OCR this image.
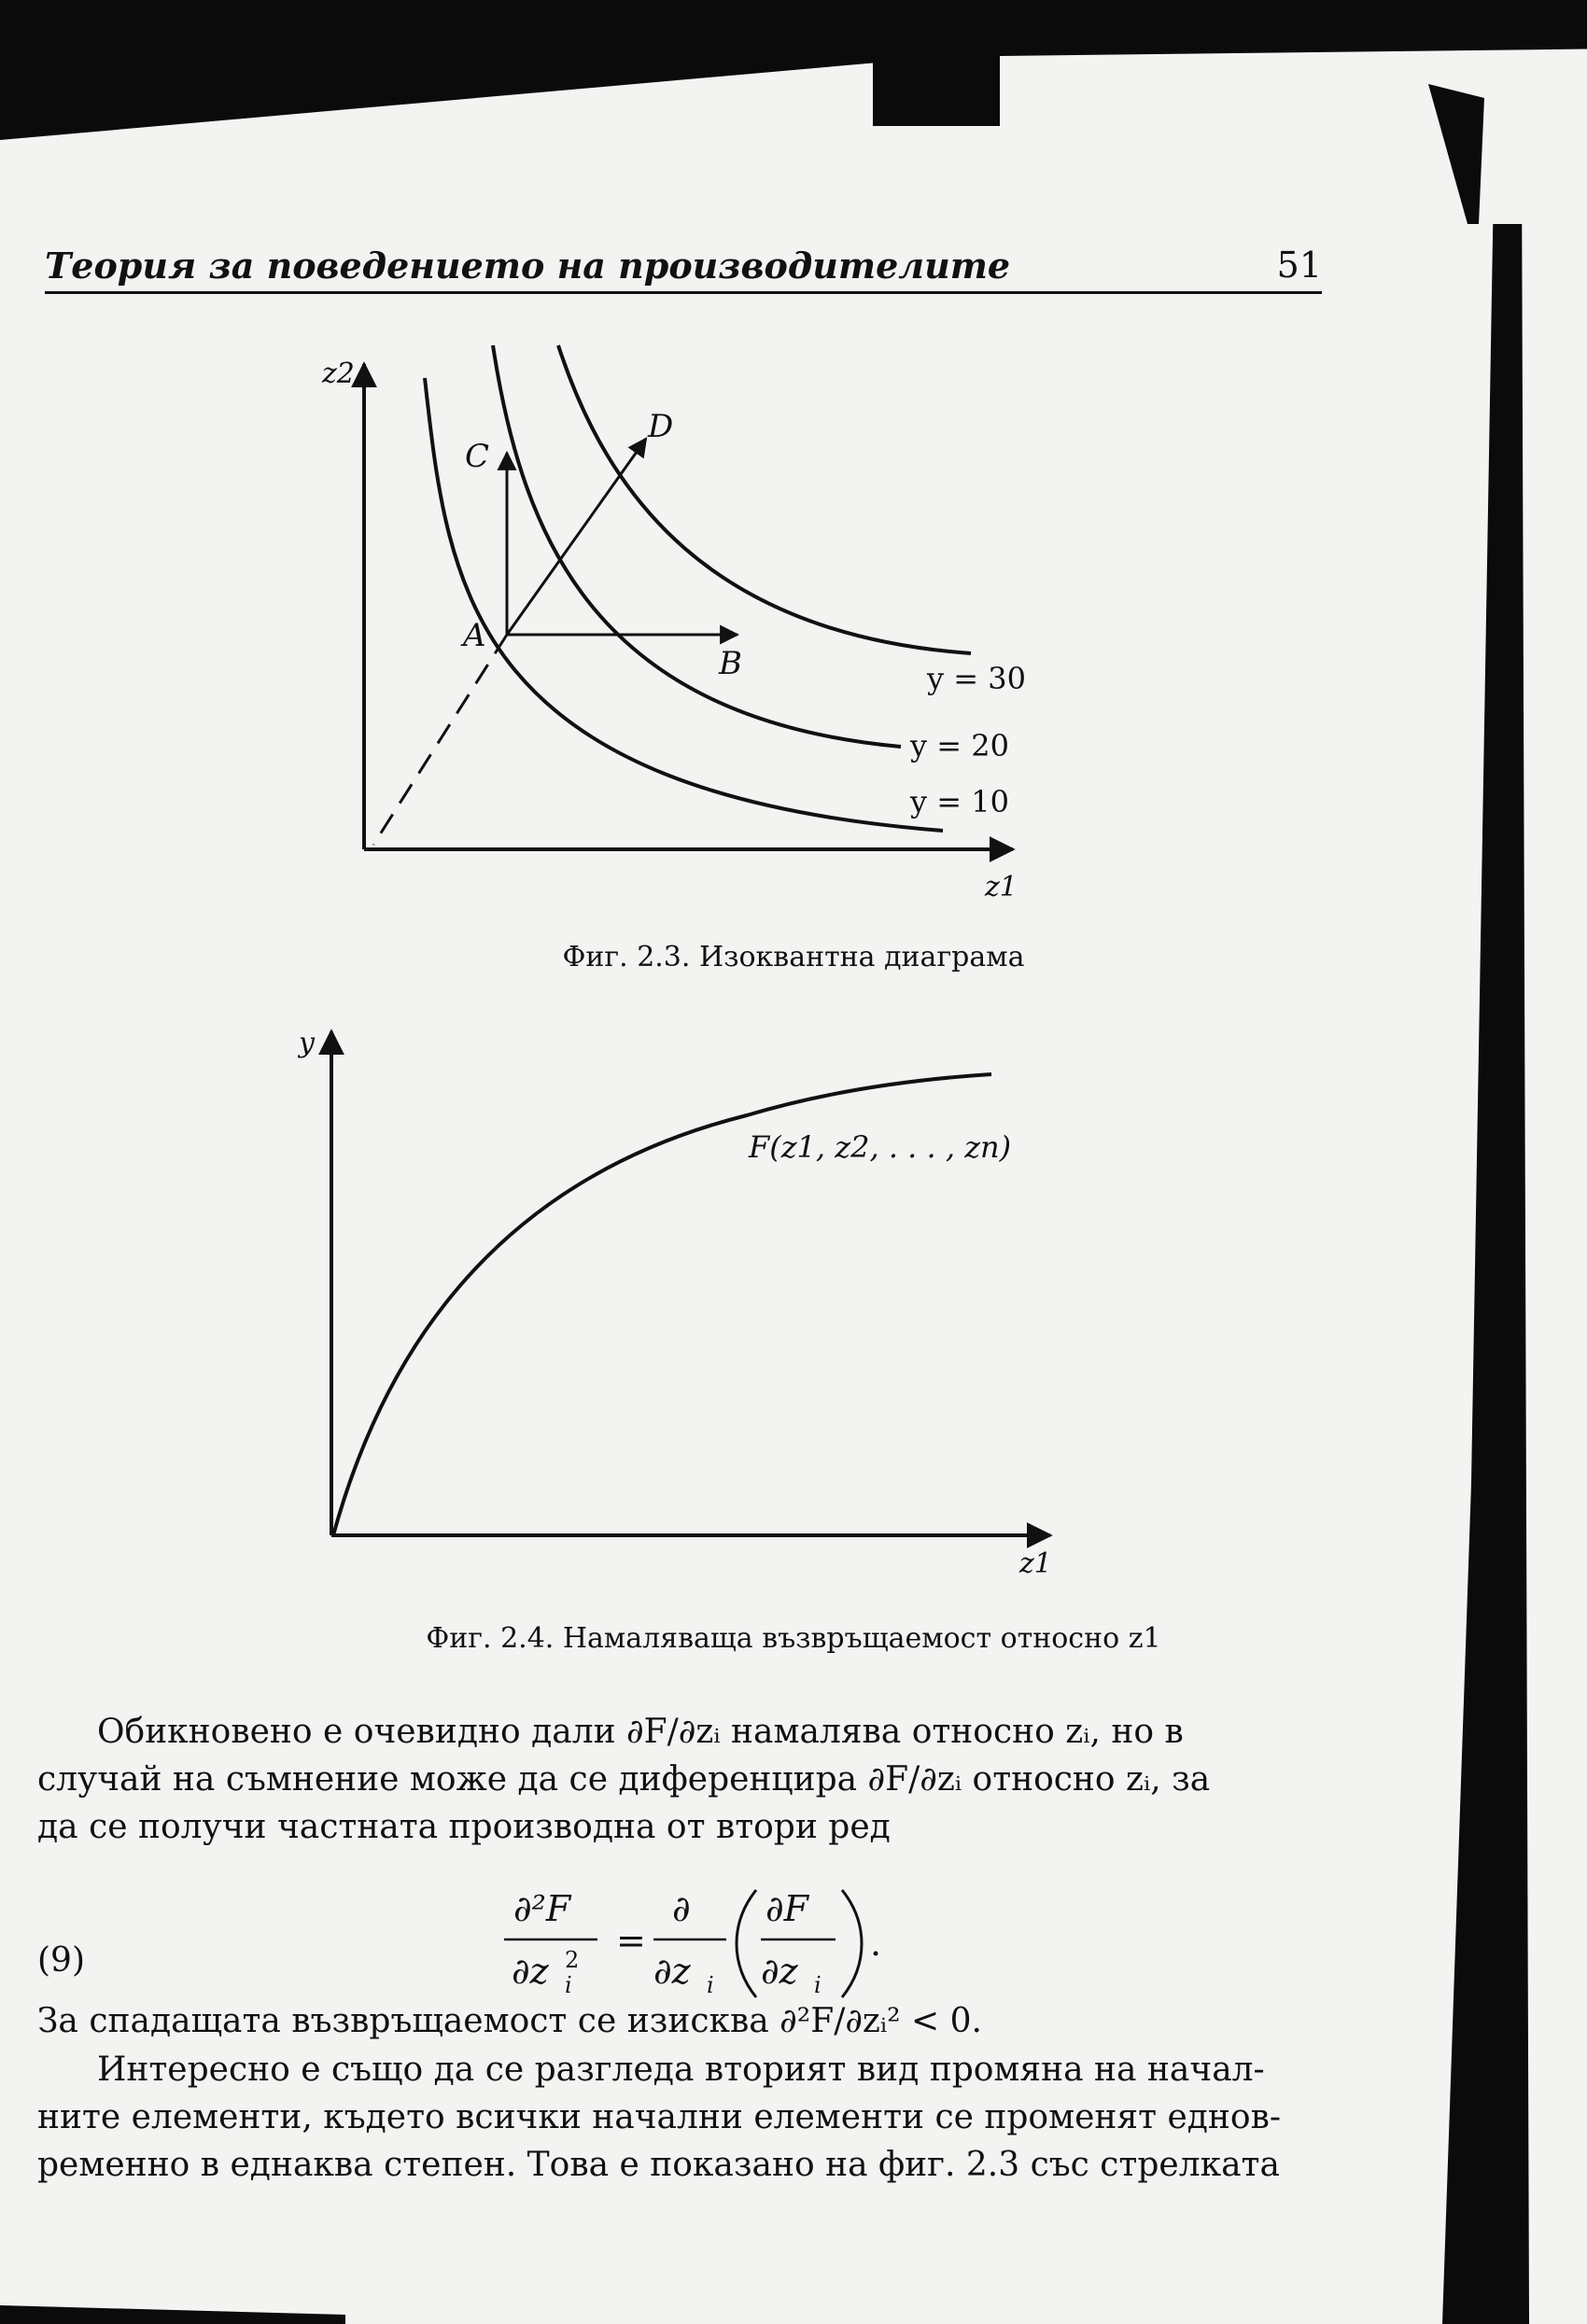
Теория за поведението на производителите	51
z2
z1
A
B
C
D
y = 30
y = 20
y = 10
Фиг. 2.3. Изоквантна диаграма
y
z1
F(z1, z2, . . . , zn)
Фиг. 2.4. Намаляваща възвръщаемост относно z1
Обикновено е очевидно дали ∂F/∂zᵢ намалява относно zᵢ, но в
случай на съмнение може да се диференцира ∂F/∂zᵢ относно zᵢ, за
да се получи частната производна от втори ред
(9)
∂²F
∂z i
2 =
∂
∂z i
∂F
∂z i
.
За спадащата възвръщаемост се изисква ∂²F/∂zᵢ² < 0.
Интересно е също да се разгледа вторият вид промяна на начал-
ните елементи, където всички начални елементи се променят еднов-
ременно в еднаква степен. Това е показано на фиг. 2.3 със стрелката
